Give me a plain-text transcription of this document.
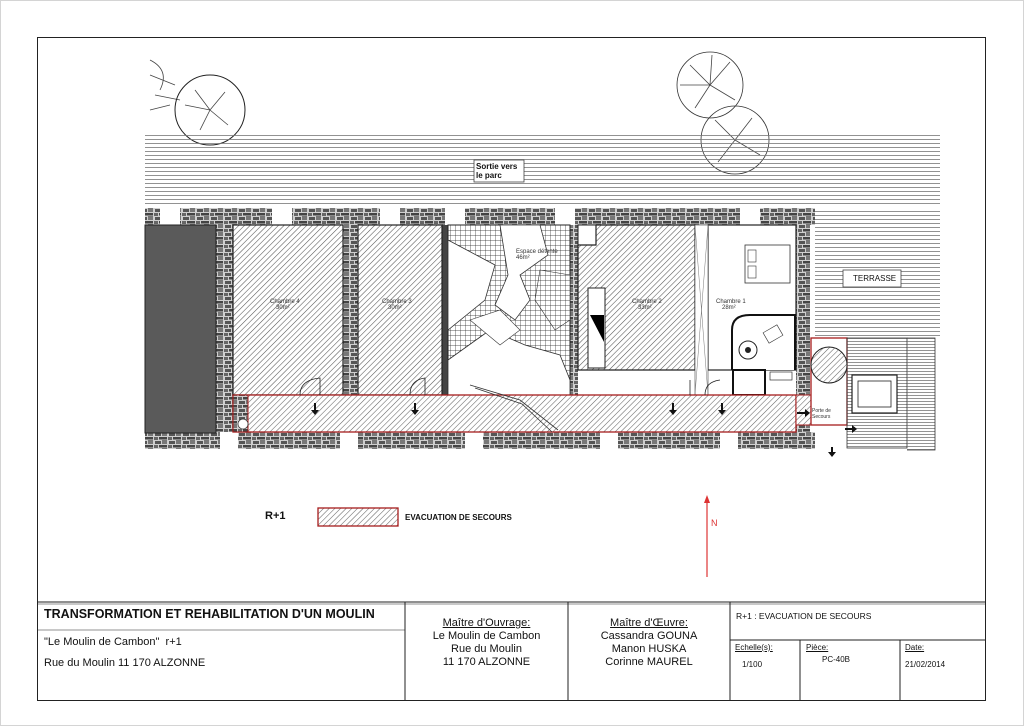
Sortie vers
le parc
TERRASSE
Chambre 4
30m²
Chambre 3
30m²
Espace détente
46m²
Chambre 2
33m²
Chambre 1
28m²
Porte de
Secours
R+1	EVACUATION DE SECOURS
N
TRANSFORMATION ET REHABILITATION D'UN MOULIN
"Le Moulin de Cambon"  r+1
Rue du Moulin 11 170 ALZONNE
Maître d'Ouvrage:
Le Moulin de Cambon
Rue du Moulin
11 170 ALZONNE
Maître d'Œuvre:
Cassandra GOUNA
Manon HUSKA
Corinne MAUREL
R+1 : EVACUATION DE SECOURS
Echelle(s):
1/100
Pièce:
PC-40B
Date:
21/02/2014
